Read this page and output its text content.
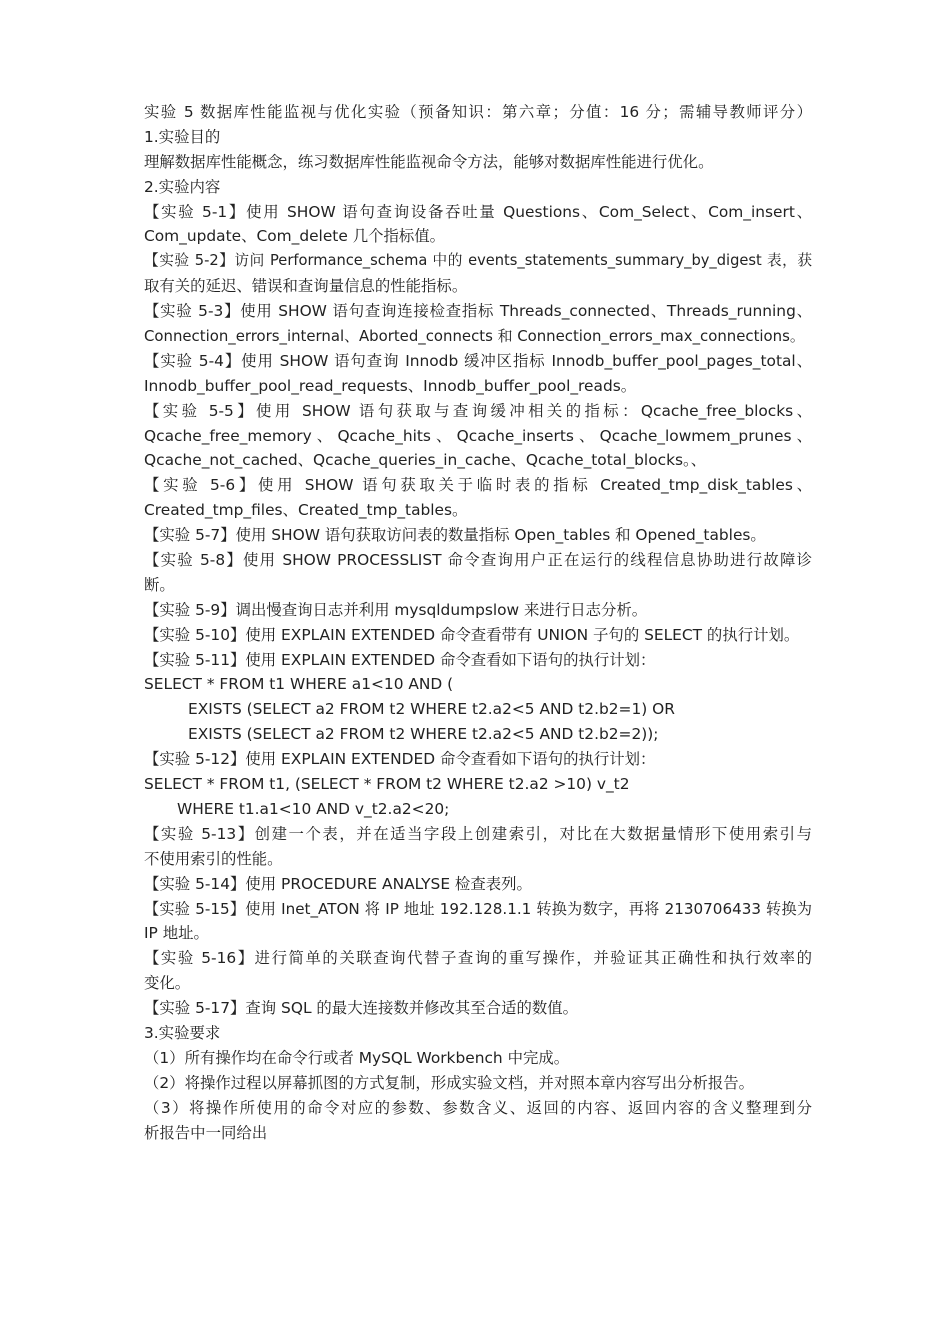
实验 5 数据库性能监视与优化实验（预备知识：第六章；分值：16 分；需辅导教师评分）
1.实验目的
理解数据库性能概念，练习数据库性能监视命令方法，能够对数据库性能进行优化。
2.实验内容
【实验 5-1】使用 SHOW 语句查询设备吞吐量 Questions、Com_Select、Com_insert、
Com_update、Com_delete 几个指标值。
【实验 5-2】访问 Performance_schema 中的 events_statements_summary_by_digest 表，获
取有关的延迟、错误和查询量信息的性能指标。
【实验 5-3】使用 SHOW 语句查询连接检查指标 Threads_connected、Threads_running、
Connection_errors_internal、Aborted_connects 和 Connection_errors_max_connections。
【实验 5-4】使用 SHOW 语句查询 Innodb 缓冲区指标 Innodb_buffer_pool_pages_total、
Innodb_buffer_pool_read_requests、Innodb_buffer_pool_reads。
【实验 5-5】使用 SHOW 语句获取与查询缓冲相关的指标：Qcache_free_blocks、
Qcache_free_memory 、 Qcache_hits 、 Qcache_inserts 、 Qcache_lowmem_prunes 、
Qcache_not_cached、Qcache_queries_in_cache、Qcache_total_blocks。、
【实验 5-6】使用 SHOW 语句获取关于临时表的指标 Created_tmp_disk_tables、
Created_tmp_files、Created_tmp_tables。
【实验 5-7】使用 SHOW 语句获取访问表的数量指标 Open_tables 和 Opened_tables。
【实验 5-8】使用 SHOW PROCESSLIST 命令查询用户正在运行的线程信息协助进行故障诊
断。
【实验 5-9】调出慢查询日志并利用 mysqldumpslow 来进行日志分析。
【实验 5-10】使用 EXPLAIN EXTENDED 命令查看带有 UNION 子句的 SELECT 的执行计划。
【实验 5-11】使用 EXPLAIN EXTENDED 命令查看如下语句的执行计划：
SELECT * FROM t1 WHERE a1<10 AND (
EXISTS (SELECT a2 FROM t2 WHERE t2.a2<5 AND t2.b2=1) OR
EXISTS (SELECT a2 FROM t2 WHERE t2.a2<5 AND t2.b2=2));
【实验 5-12】使用 EXPLAIN EXTENDED 命令查看如下语句的执行计划：
SELECT * FROM t1, (SELECT * FROM t2 WHERE t2.a2 >10) v_t2
WHERE t1.a1<10 AND v_t2.a2<20;
【实验 5-13】创建一个表，并在适当字段上创建索引，对比在大数据量情形下使用索引与
不使用索引的性能。
【实验 5-14】使用 PROCEDURE ANALYSE 检查表列。
【实验 5-15】使用 Inet_ATON 将 IP 地址 192.128.1.1 转换为数字，再将 2130706433 转换为
IP 地址。
【实验 5-16】进行简单的关联查询代替子查询的重写操作，并验证其正确性和执行效率的
变化。
【实验 5-17】查询 SQL 的最大连接数并修改其至合适的数值。
3.实验要求
（1）所有操作均在命令行或者 MySQL Workbench 中完成。
（2）将操作过程以屏幕抓图的方式复制，形成实验文档，并对照本章内容写出分析报告。
（3）将操作所使用的命令对应的参数、参数含义、返回的内容、返回内容的含义整理到分
析报告中一同给出
